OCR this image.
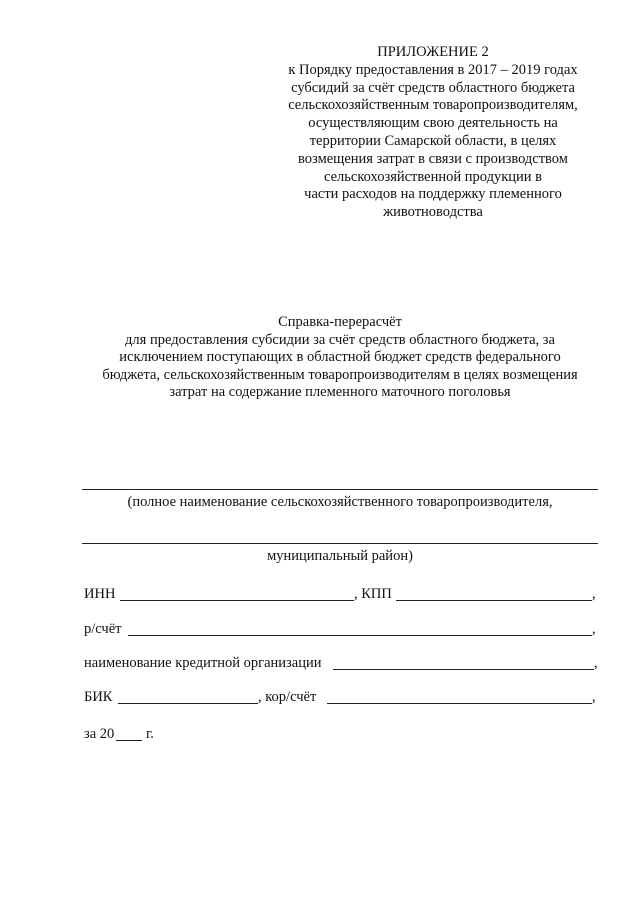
ПРИЛОЖЕНИЕ 2
к Порядку предоставления в 2017 – 2019 годах
субсидий за счёт средств областного бюджета
сельскохозяйственным товаропроизводителям,
осуществляющим свою деятельность на
территории Самарской области, в целях
возмещения затрат в связи с производством
сельскохозяйственной продукции в
части расходов на поддержку племенного
животноводства
Справка-перерасчёт
для предоставления субсидии за счёт средств областного бюджета, за
исключением поступающих в областной бюджет средств федерального
бюджета, сельскохозяйственным товаропроизводителям в целях возмещения
затрат на содержание племенного маточного поголовья
(полное наименование сельскохозяйственного товаропроизводителя,
муниципальный район)
ИНН	, КПП	,
р/счёт	,
наименование кредитной организации	,
БИК	, кор/счёт	,
за 20 г.
